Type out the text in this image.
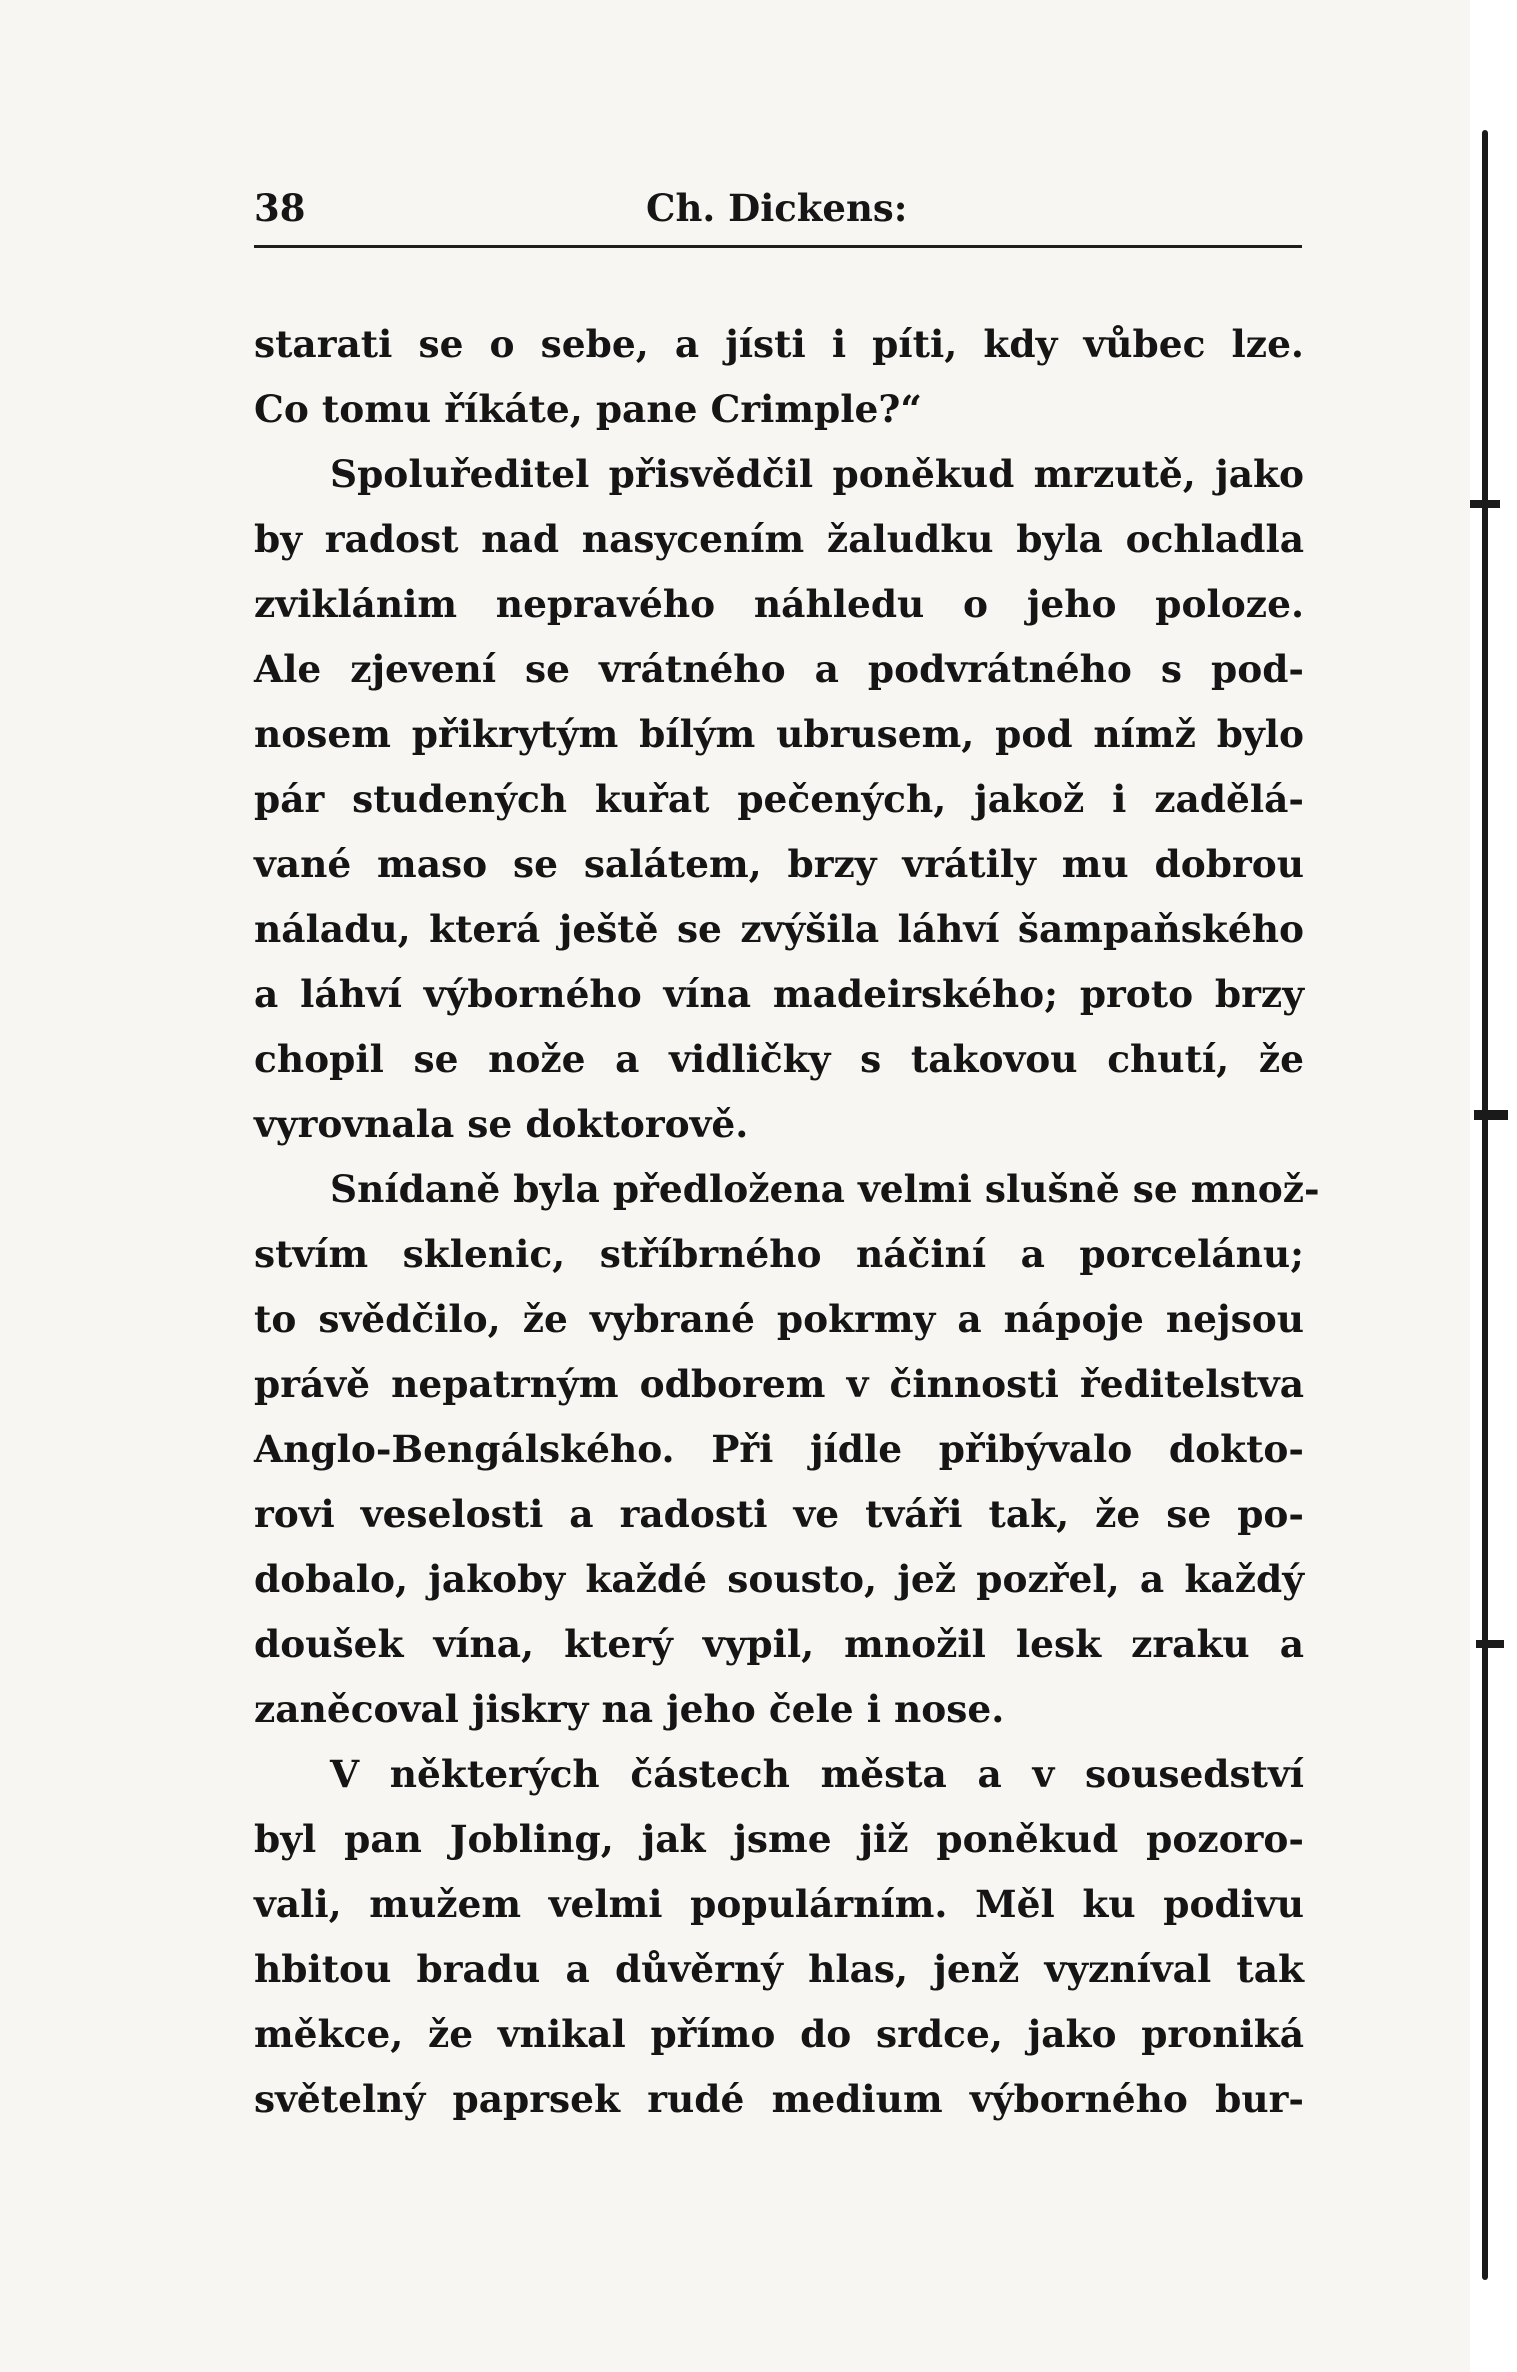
38	Ch. Dickens:
starati se o sebe, a jísti i píti, kdy vůbec lze.
Co tomu říkáte, pane Crimple?“
Spoluředitel přisvědčil poněkud mrzutě, jako
by radost nad nasycením žaludku byla ochladla
zviklánim nepravého náhledu o jeho poloze.
Ale zjevení se vrátného a podvrátného s pod-
nosem přikrytým bílým ubrusem, pod nímž bylo
pár studených kuřat pečených, jakož i zadělá-
vané maso se salátem, brzy vrátily mu dobrou
náladu, která ještě se zvýšila láhví šampaňského
a láhví výborného vína madeirského; proto brzy
chopil se nože a vidličky s takovou chutí, že
vyrovnala se doktorově.
Snídaně byla předložena velmi slušně se množ-
stvím sklenic, stříbrného náčiní a porcelánu;
to svědčilo, že vybrané pokrmy a nápoje nejsou
právě nepatrným odborem v činnosti ředitelstva
Anglo-Bengálského. Při jídle přibývalo dokto-
rovi veselosti a radosti ve tváři tak, že se po-
dobalo, jakoby každé sousto, jež pozřel, a každý
doušek vína, který vypil, množil lesk zraku a
zaněcoval jiskry na jeho čele i nose.
V některých částech města a v sousedství
byl pan Jobling, jak jsme již poněkud pozoro-
vali, mužem velmi populárním. Měl ku podivu
hbitou bradu a důvěrný hlas, jenž vyzníval tak
měkce, že vnikal přímo do srdce, jako proniká
světelný paprsek rudé medium výborného bur-
